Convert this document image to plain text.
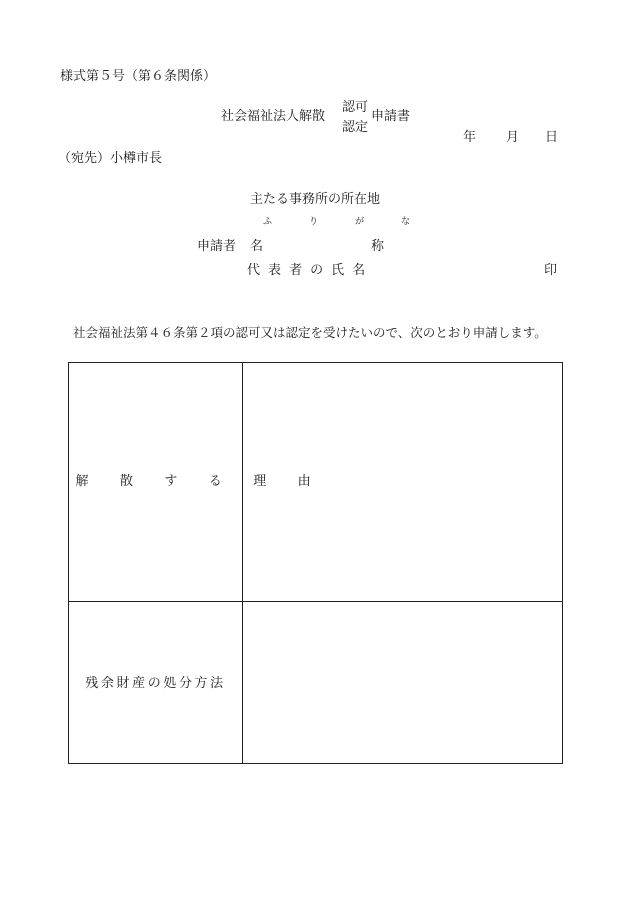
様式第５号（第６条関係）
社会福祉法人解散
認可
認定
申請書
年 月 日
（宛先）小樽市長
主たる事務所の所在地
ふ り が な
申請者 名	称
代 表 者 の 氏 名	印
社会福祉法第４６条第２項の認可又は認定を受けたいので、次のとおり申請します。
解 散 す る 理 由
残余財産の処分方法
